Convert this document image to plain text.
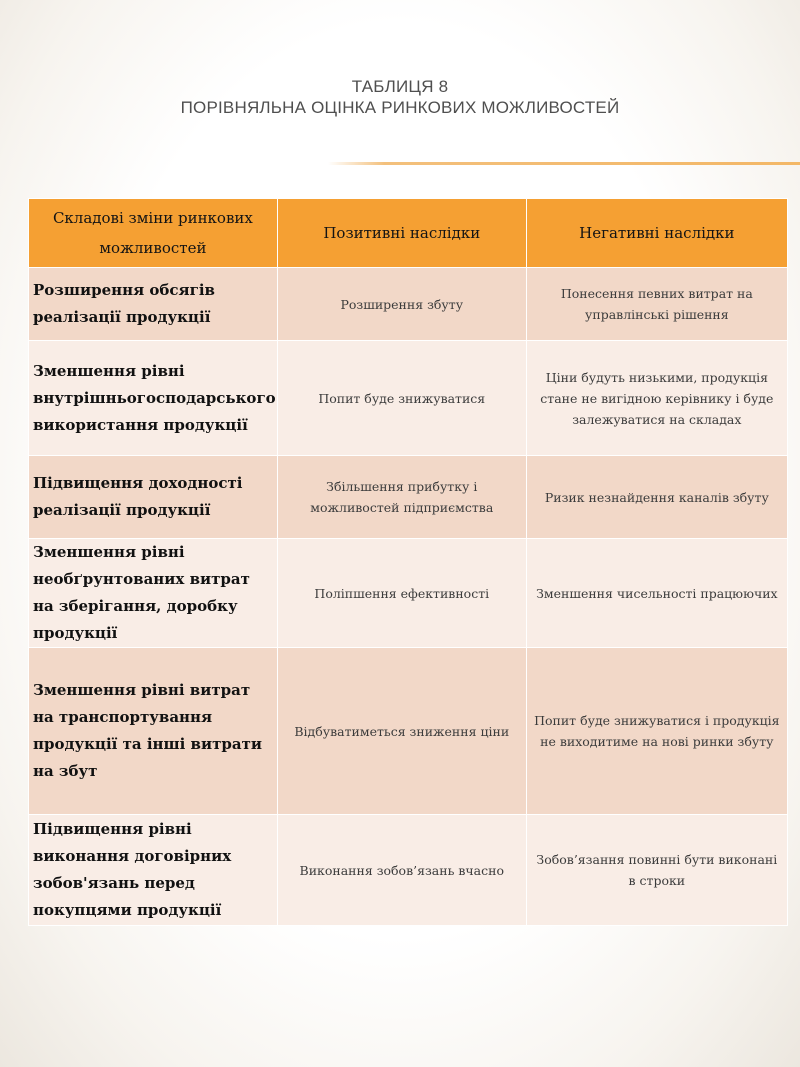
ТАБЛИЦЯ 8
ПОРІВНЯЛЬНА ОЦІНКА РИНКОВИХ МОЖЛИВОСТЕЙ
Складові зміни ринкових можливостей	Позитивні наслідки	Негативні наслідки
Розширення обсягів реалізації продукції	Розширення збуту	Понесення певних витрат на управлінські рішення
Зменшення рівні внутрішньогосподарського використання продукції	Попит буде знижуватися	Ціни будуть низькими, продукція стане не вигідною керівнику і буде залежуватися на складах
Підвищення доходності реалізації продукції	Збільшення прибутку і можливостей підприємства	Ризик незнайдення каналів збуту
Зменшення рівні необґрунтованих витрат на зберігання, доробку продукції	Поліпшення ефективності	Зменшення чисельності працюючих
Зменшення рівні витрат на транспортування продукції та інші витрати на збут	Відбуватиметься зниження ціни	Попит буде знижуватися і продукція не виходитиме на нові ринки збуту
Підвищення рівні виконання договірних зобов'язань перед покупцями продукції	Виконання зобов’язань вчасно	Зобов’язання повинні бути виконані в строки
